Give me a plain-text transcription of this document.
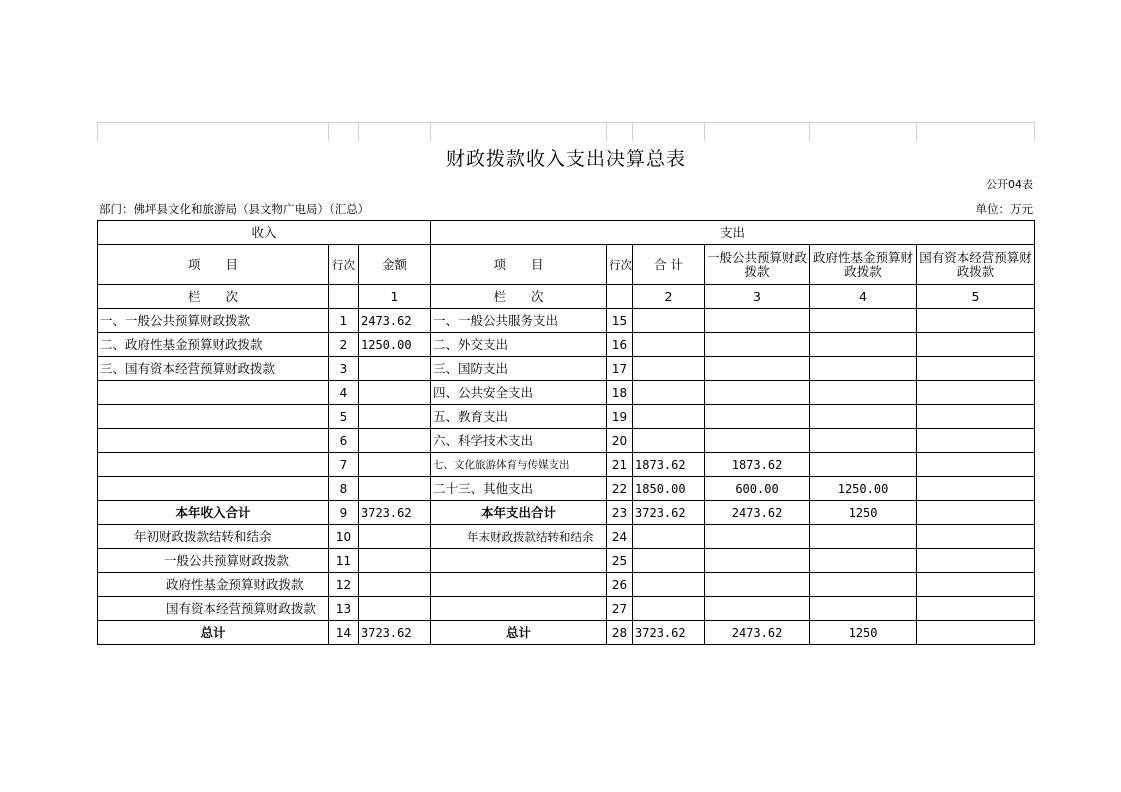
财政拨款收入支出决算总表
公开04表
部门：佛坪县文化和旅游局（县文物广电局）（汇总）	单位：万元
收入			支出					
项　　目	行次	金额	项　　目	行次	合 计	一般公共预算财政拨款	政府性基金预算财政拨款	国有资本经营预算财政拨款
栏　　次		1	栏　　次		2	3	4	5
一、一般公共预算财政拨款	1	2473.62	一、一般公共服务支出	15				
二、政府性基金预算财政拨款	2	1250.00	二、外交支出	16				
三、国有资本经营预算财政拨款	3		三、国防支出	17				
	4		四、公共安全支出	18				
	5		五、教育支出	19				
	6		六、科学技术支出	20				
	7		七、文化旅游体育与传媒支出	21	1873.62	1873.62		
	8		二十三、其他支出	22	1850.00	600.00	1250.00	
本年收入合计	9	3723.62	本年支出合计	23	3723.62	2473.62	1250	
年初财政拨款结转和结余	10		年末财政拨款结转和结余	24				
一般公共预算财政拨款	11			25				
政府性基金预算财政拨款	12			26				
国有资本经营预算财政拨款	13			27				
总计	14	3723.62	总计	28	3723.62	2473.62	1250	
